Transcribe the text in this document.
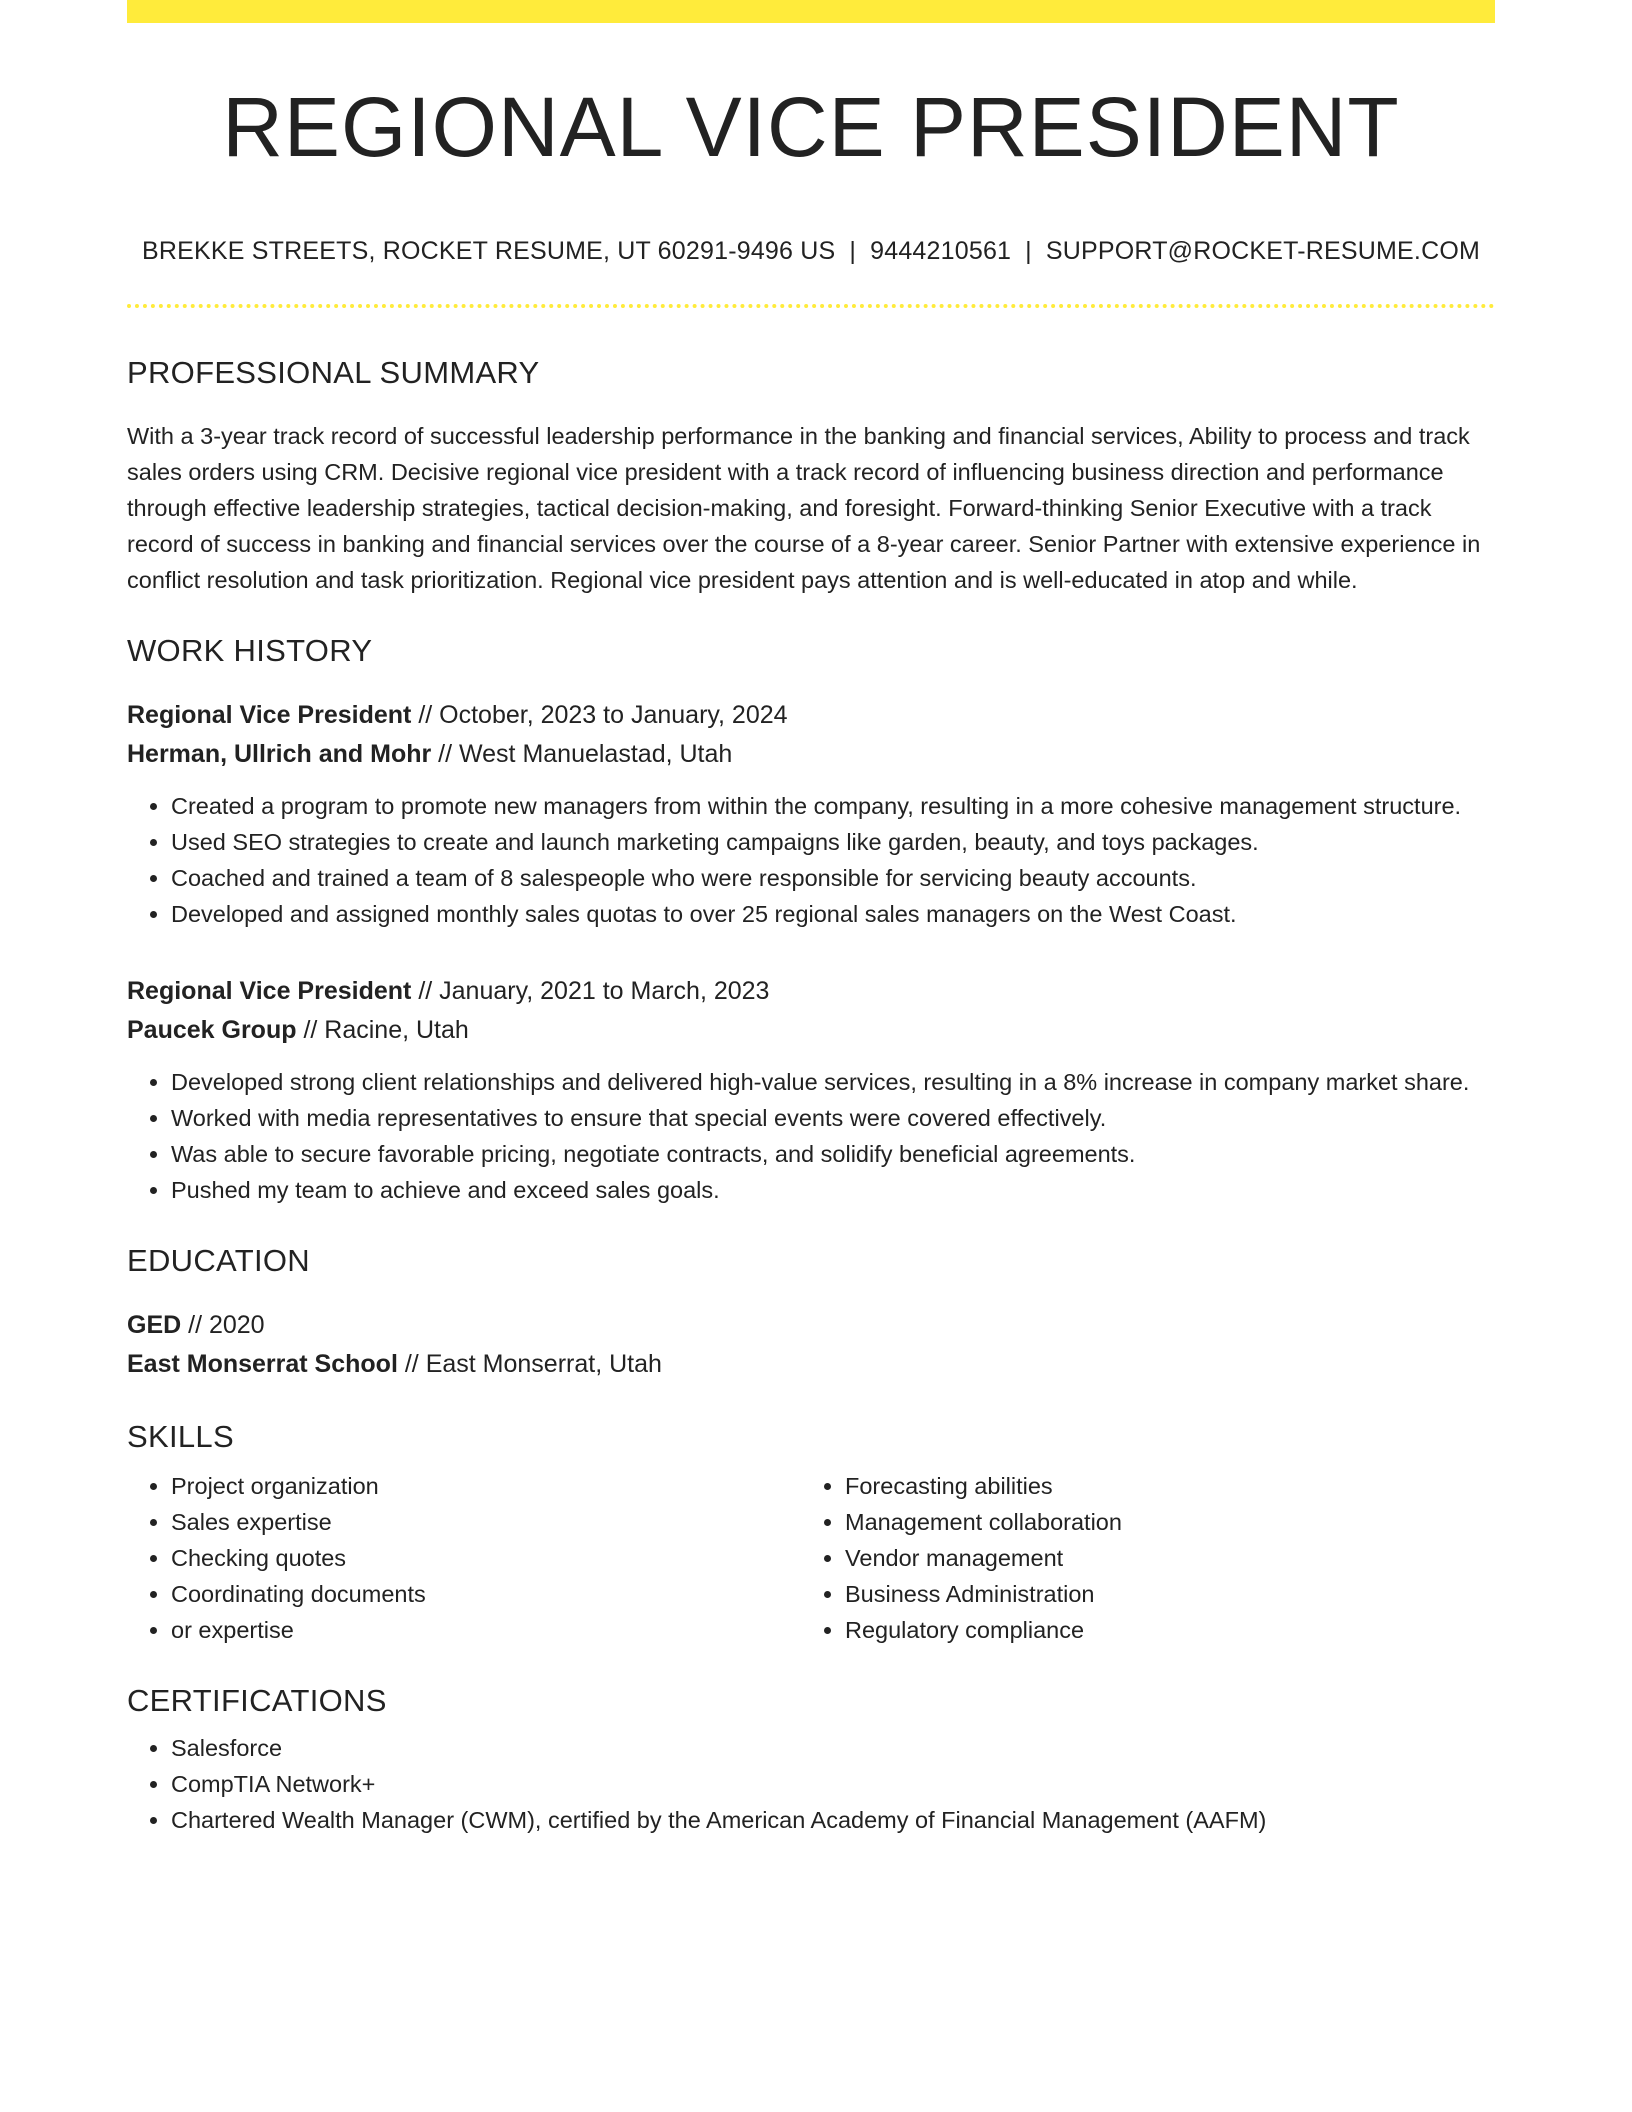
REGIONAL VICE PRESIDENT
BREKKE STREETS, ROCKET RESUME, UT 60291-9496 US | 9444210561 | SUPPORT@ROCKET-RESUME.COM
PROFESSIONAL SUMMARY

With a 3-year track record of successful leadership performance in the banking and financial services, Ability to process and track sales orders using CRM. Decisive regional vice president with a track record of influencing business direction and performance through effective leadership strategies, tactical decision-making, and foresight. Forward-thinking Senior Executive with a track record of success in banking and financial services over the course of a 8-year career. Senior Partner with extensive experience in conflict resolution and task prioritization. Regional vice president pays attention and is well-educated in atop and while.

WORK HISTORY

Regional Vice President // October, 2023 to January, 2024

Herman, Ullrich and Mohr // West Manuelastad, Utah

• Created a program to promote new managers from within the company, resulting in a more cohesive management structure.
• Used SEO strategies to create and launch marketing campaigns like garden, beauty, and toys packages.
• Coached and trained a team of 8 salespeople who were responsible for servicing beauty accounts.
• Developed and assigned monthly sales quotas to over 25 regional sales managers on the West Coast.

Regional Vice President // January, 2021 to March, 2023

Paucek Group // Racine, Utah

• Developed strong client relationships and delivered high-value services, resulting in a 8% increase in company market share.
• Worked with media representatives to ensure that special events were covered effectively.
• Was able to secure favorable pricing, negotiate contracts, and solidify beneficial agreements.
• Pushed my team to achieve and exceed sales goals.
EDUCATION

GED // 2020

East Monserrat School // East Monserrat, Utah

SKILLS
• Project organization
• Sales expertise
• Checking quotes
• Coordinating documents
• or expertise
• Forecasting abilities
• Management collaboration
• Vendor management
• Business Administration
• Regulatory compliance
CERTIFICATIONS
• Salesforce
• CompTIA Network+
• Chartered Wealth Manager (CWM), certified by the American Academy of Financial Management (AAFM)
